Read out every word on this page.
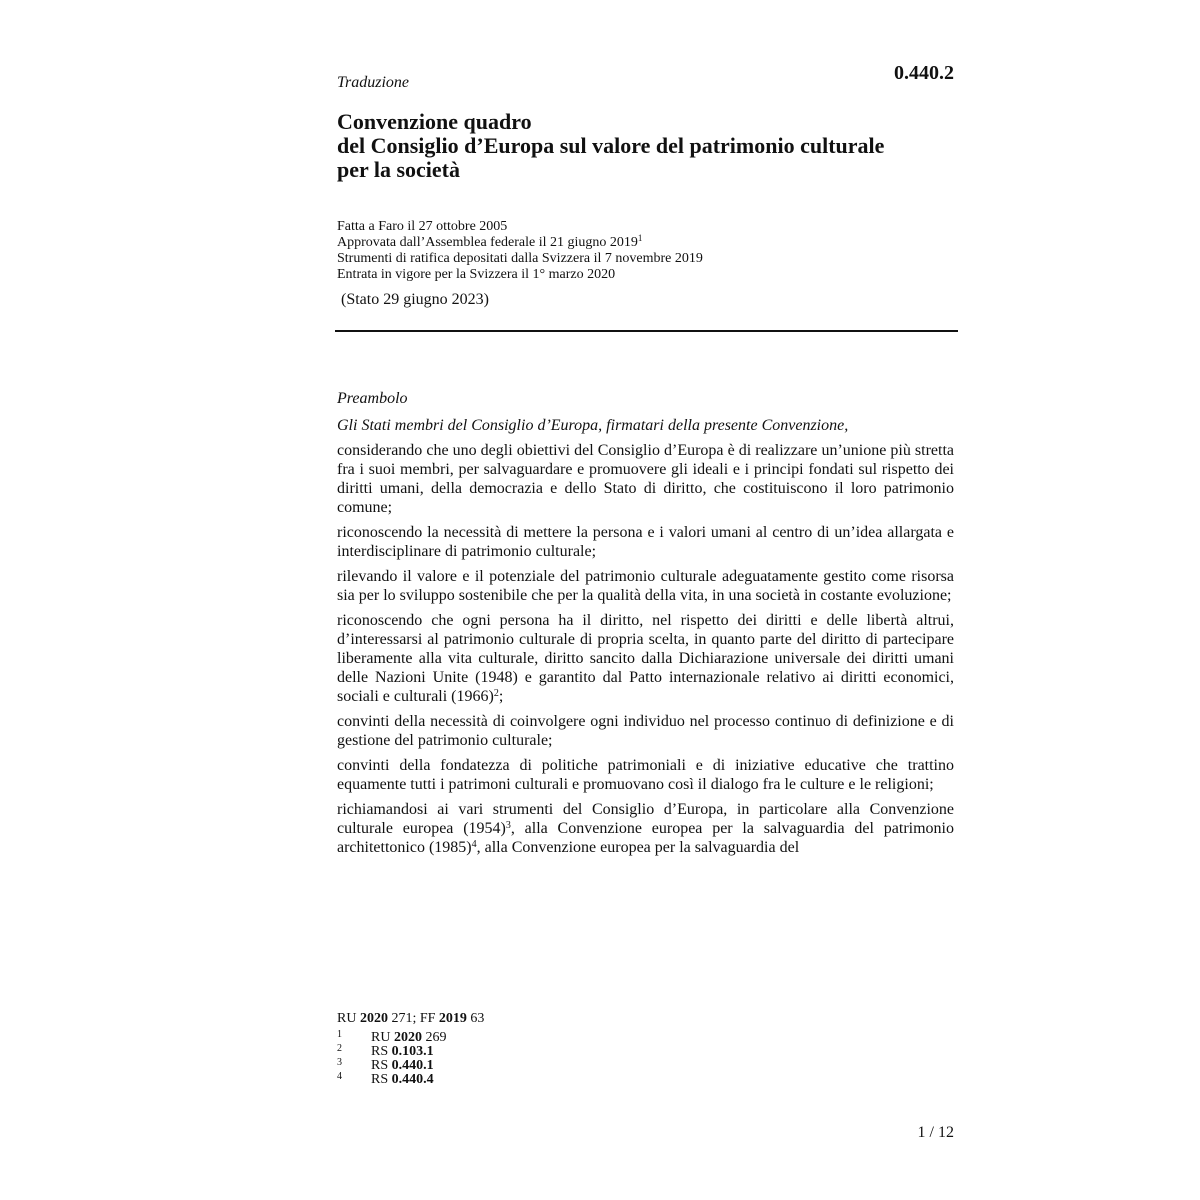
Traduzione	0.440.2
Convenzione quadro
del Consiglio d’Europa sul valore del patrimonio culturale
per la società
Fatta a Faro il 27 ottobre 2005
Approvata dall’Assemblea federale il 21 giugno 2019$^1$
Strumenti di ratifica depositati dalla Svizzera il 7 novembre 2019
Entrata in vigore per la Svizzera il 1° marzo 2020
(Stato 29 giugno 2023)

Preambolo

Gli Stati membri del Consiglio d’Europa, firmatari della presente Convenzione,

considerando che uno degli obiettivi del Consiglio d’Europa è di realizzare un’unione più stretta fra i suoi membri, per salvaguardare e promuovere gli ideali e i principi fondati sul rispetto dei diritti umani, della democrazia e dello Stato di diritto, che costituiscono il loro patrimonio comune;

riconoscendo la necessità di mettere la persona e i valori umani al centro di un’idea allargata e interdisciplinare di patrimonio culturale;

rilevando il valore e il potenziale del patrimonio culturale adeguatamente gestito come risorsa sia per lo sviluppo sostenibile che per la qualità della vita, in una società in costante evoluzione;

riconoscendo che ogni persona ha il diritto, nel rispetto dei diritti e delle libertà altrui, d’interessarsi al patrimonio culturale di propria scelta, in quanto parte del diritto di partecipare liberamente alla vita culturale, diritto sancito dalla Dichiarazione universale dei diritti umani delle Nazioni Unite (1948) e garantito dal Patto internazionale relativo ai diritti economici, sociali e culturali $(1966)^2$;

convinti della necessità di coinvolgere ogni individuo nel processo continuo di definizione e di gestione del patrimonio culturale;

convinti della fondatezza di politiche patrimoniali e di iniziative educative che trattino equamente tutti i patrimoni culturali e promuovano così il dialogo fra le culture e le religioni;

richiamandosi ai vari strumenti del Consiglio d’Europa, in particolare alla Convenzione culturale europea $(1954)^3$, alla Convenzione europea per la salvaguardia del patrimonio architettonico $(1985)^4$, alla Convenzione europea per la salvaguardia del

RU 2020 271; FF 2019 63
1 RU 2020 269
2 RS 0.103.1
3 RS 0.440.1
4 RS 0.440.4
1 / 12
